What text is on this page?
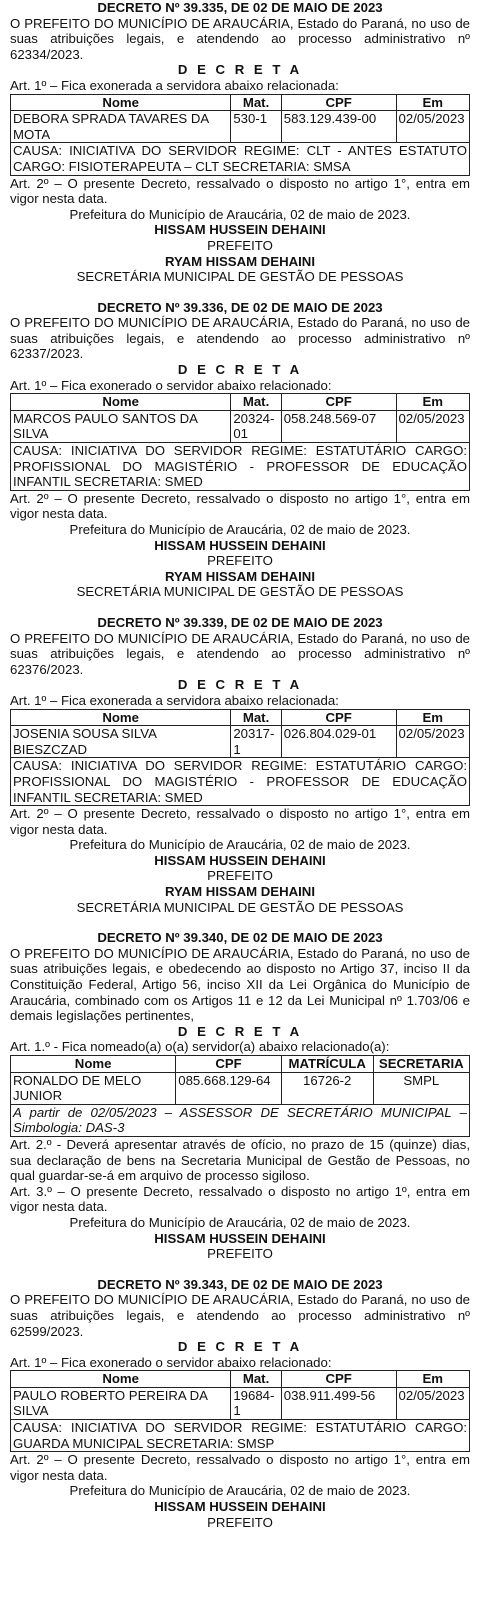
DECRETO Nº 39.335, DE 02 DE MAIO DE 2023
O PREFEITO DO MUNICÍPIO DE ARAUCÁRIA, Estado do Paraná, no uso de suas atribuições legais, e atendendo ao processo administrativo nº 62334/2023.
D E C R E T A
Art. 1º – Fica exonerada a servidora abaixo relacionada:
Nome	Mat.	CPF	Em
DEBORA SPRADA TAVARES DA MOTA	530-1	583.129.439-00	02/05/2023
CAUSA: INICIATIVA DO SERVIDOR REGIME: CLT - ANTES ESTATUTO CARGO: FISIOTERAPEUTA – CLT SECRETARIA: SMSA
Art. 2º – O presente Decreto, ressalvado o disposto no artigo 1°, entra em vigor nesta data.
Prefeitura do Município de Araucária, 02 de maio de 2023.
HISSAM HUSSEIN DEHAINI
PREFEITO
RYAM HISSAM DEHAINI
SECRETÁRIA MUNICIPAL DE GESTÃO DE PESSOAS
DECRETO Nº 39.336, DE 02 DE MAIO DE 2023
O PREFEITO DO MUNICÍPIO DE ARAUCÁRIA, Estado do Paraná, no uso de suas atribuições legais, e atendendo ao processo administrativo nº 62337/2023.
D E C R E T A
Art. 1º – Fica exonerado o servidor abaixo relacionado:
Nome	Mat.	CPF	Em
MARCOS PAULO SANTOS DA SILVA	20324-01	058.248.569-07	02/05/2023
CAUSA: INICIATIVA DO SERVIDOR REGIME: ESTATUTÁRIO CARGO: PROFISSIONAL DO MAGISTÉRIO - PROFESSOR DE EDUCAÇÃO INFANTIL SECRETARIA: SMED
Art. 2º – O presente Decreto, ressalvado o disposto no artigo 1°, entra em vigor nesta data.
Prefeitura do Município de Araucária, 02 de maio de 2023.
HISSAM HUSSEIN DEHAINI
PREFEITO
RYAM HISSAM DEHAINI
SECRETÁRIA MUNICIPAL DE GESTÃO DE PESSOAS
DECRETO Nº 39.339, DE 02 DE MAIO DE 2023
O PREFEITO DO MUNICÍPIO DE ARAUCÁRIA, Estado do Paraná, no uso de suas atribuições legais, e atendendo ao processo administrativo nº 62376/2023.
D E C R E T A
Art. 1º – Fica exonerada a servidora abaixo relacionada:
Nome	Mat.	CPF	Em
JOSENIA SOUSA SILVA BIESZCZAD	20317-1	026.804.029-01	02/05/2023
CAUSA: INICIATIVA DO SERVIDOR REGIME: ESTATUTÁRIO CARGO: PROFISSIONAL DO MAGISTÉRIO - PROFESSOR DE EDUCAÇÃO INFANTIL SECRETARIA: SMED
Art. 2º – O presente Decreto, ressalvado o disposto no artigo 1°, entra em vigor nesta data.
Prefeitura do Município de Araucária, 02 de maio de 2023.
HISSAM HUSSEIN DEHAINI
PREFEITO
RYAM HISSAM DEHAINI
SECRETÁRIA MUNICIPAL DE GESTÃO DE PESSOAS
DECRETO Nº 39.340, DE 02 DE MAIO DE 2023
O PREFEITO DO MUNICÍPIO DE ARAUCÁRIA, Estado do Paraná, no uso de suas atribuições legais, e obedecendo ao disposto no Artigo 37, inciso II da Constituição Federal, Artigo 56, inciso XII da Lei Orgânica do Município de Araucária, combinado com os Artigos 11 e 12 da Lei Municipal nº 1.703/06 e demais legislações pertinentes,
D E C R E T A
Art. 1.º - Fica nomeado(a) o(a) servidor(a) abaixo relacionado(a):
Nome	CPF	MATRÍCULA	SECRETARIA
RONALDO DE MELO JUNIOR	085.668.129-64	16726-2	SMPL
A partir de 02/05/2023 – ASSESSOR DE SECRETÁRIO MUNICIPAL – Simbologia: DAS-3
Art. 2.º - Deverá apresentar através de ofício, no prazo de 15 (quinze) dias, sua declaração de bens na Secretaria Municipal de Gestão de Pessoas, no qual guardar-se-á em arquivo de processo sigiloso.
Art. 3.º – O presente Decreto, ressalvado o disposto no artigo 1º, entra em vigor nesta data.
Prefeitura do Município de Araucária, 02 de maio de 2023.
HISSAM HUSSEIN DEHAINI
PREFEITO
DECRETO Nº 39.343, DE 02 DE MAIO DE 2023
O PREFEITO DO MUNICÍPIO DE ARAUCÁRIA, Estado do Paraná, no uso de suas atribuições legais, e atendendo ao processo administrativo nº 62599/2023.
D E C R E T A
Art. 1º – Fica exonerado o servidor abaixo relacionado:
Nome	Mat.	CPF	Em
PAULO ROBERTO PEREIRA DA SILVA	19684-1	038.911.499-56	02/05/2023
CAUSA: INICIATIVA DO SERVIDOR REGIME: ESTATUTÁRIO CARGO: GUARDA MUNICIPAL SECRETARIA: SMSP
Art. 2º – O presente Decreto, ressalvado o disposto no artigo 1°, entra em vigor nesta data.
Prefeitura do Município de Araucária, 02 de maio de 2023.
HISSAM HUSSEIN DEHAINI
PREFEITO
